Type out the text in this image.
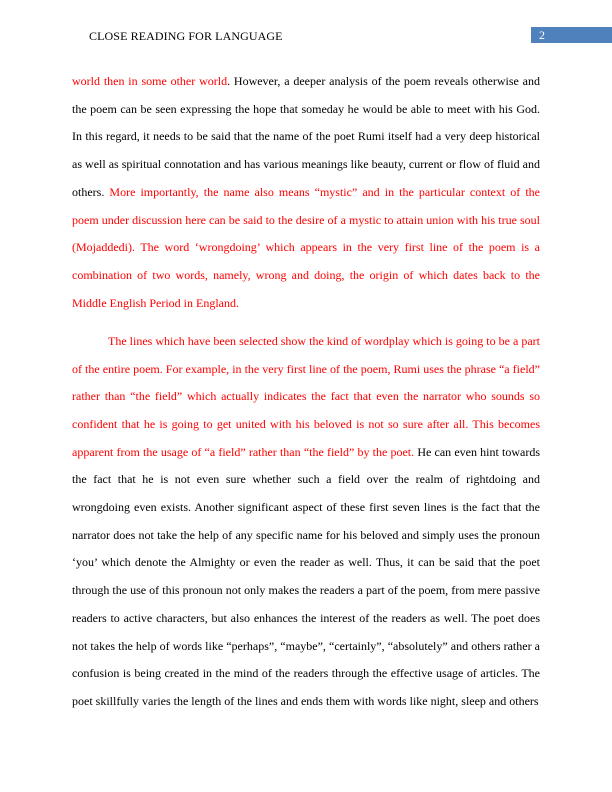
CLOSE READING FOR LANGUAGE	2

world then in some other world. However, a deeper analysis of the poem reveals otherwise and the poem can be seen expressing the hope that someday he would be able to meet with his God. In this regard, it needs to be said that the name of the poet Rumi itself had a very deep historical as well as spiritual connotation and has various meanings like beauty, current or flow of fluid and others. More importantly, the name also means “mystic” and in the particular context of the poem under discussion here can be said to the desire of a mystic to attain union with his true soul (Mojaddedi). The word ‘wrongdoing’ which appears in the very first line of the poem is a combination of two words, namely, wrong and doing, the origin of which dates back to the Middle English Period in England.

The lines which have been selected show the kind of wordplay which is going to be a part of the entire poem. For example, in the very first line of the poem, Rumi uses the phrase “a field” rather than “the field” which actually indicates the fact that even the narrator who sounds so confident that he is going to get united with his beloved is not so sure after all. This becomes apparent from the usage of “a field” rather than “the field” by the poet. He can even hint towards the fact that he is not even sure whether such a field over the realm of rightdoing and wrongdoing even exists. Another significant aspect of these first seven lines is the fact that the narrator does not take the help of any specific name for his beloved and simply uses the pronoun ‘you’ which denote the Almighty or even the reader as well. Thus, it can be said that the poet through the use of this pronoun not only makes the readers a part of the poem, from mere passive readers to active characters, but also enhances the interest of the readers as well. The poet does not takes the help of words like “perhaps”, “maybe”, “certainly”, “absolutely” and others rather a confusion is being created in the mind of the readers through the effective usage of articles. The poet skillfully varies the length of the lines and ends them with words like night, sleep and others
